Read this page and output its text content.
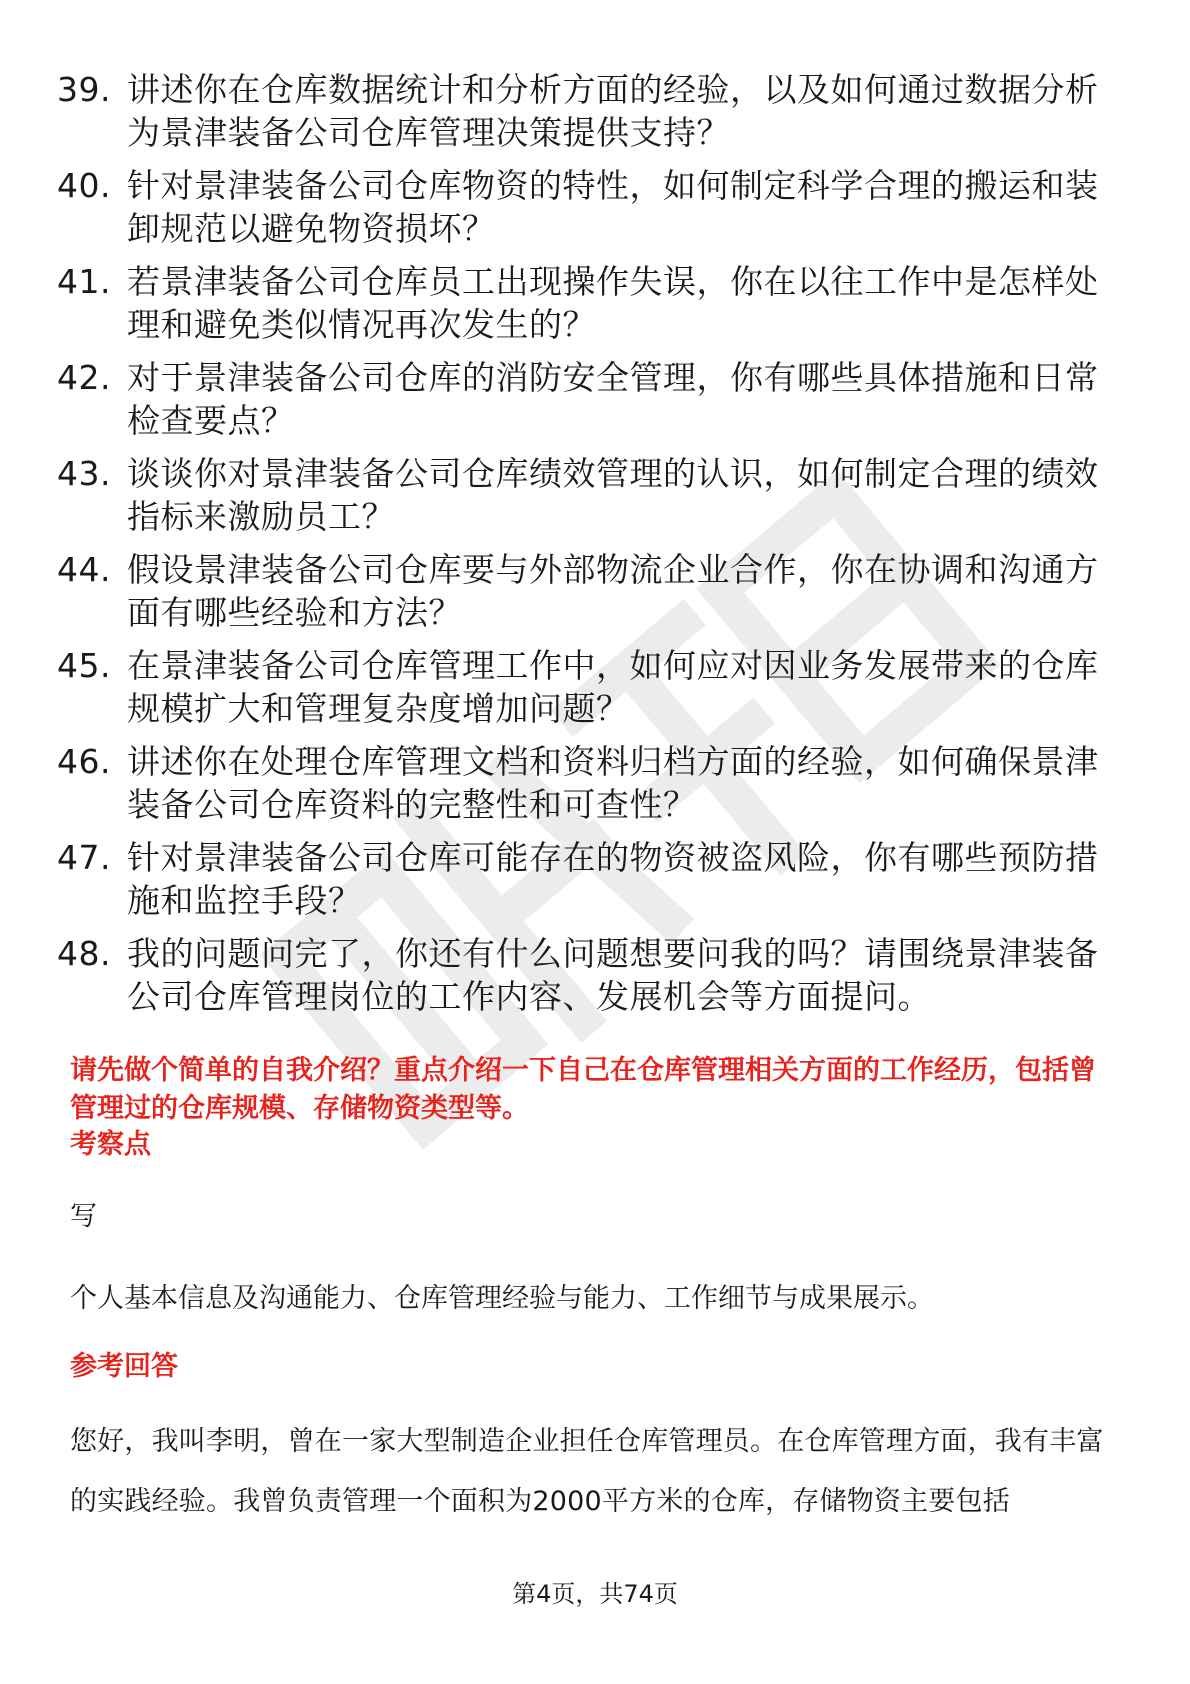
39. 讲述你在仓库数据统计和分析方面的经验，以及如何通过数据分析为景津装备公司仓库管理决策提供支持？
40. 针对景津装备公司仓库物资的特性，如何制定科学合理的搬运和装卸规范以避免物资损坏？
41. 若景津装备公司仓库员工出现操作失误，你在以往工作中是怎样处理和避免类似情况再次发生的？
42. 对于景津装备公司仓库的消防安全管理，你有哪些具体措施和日常检查要点？
43. 谈谈你对景津装备公司仓库绩效管理的认识，如何制定合理的绩效指标来激励员工？
44. 假设景津装备公司仓库要与外部物流企业合作，你在协调和沟通方面有哪些经验和方法？
45. 在景津装备公司仓库管理工作中，如何应对因业务发展带来的仓库规模扩大和管理复杂度增加问题？
46. 讲述你在处理仓库管理文档和资料归档方面的经验，如何确保景津装备公司仓库资料的完整性和可查性？
47. 针对景津装备公司仓库可能存在的物资被盗风险，你有哪些预防措施和监控手段？
48. 我的问题问完了，你还有什么问题想要问我的吗？请围绕景津装备公司仓库管理岗位的工作内容、发展机会等方面提问。
请先做个简单的自我介绍？重点介绍一下自己在仓库管理相关方面的工作经历，包括曾管理过的仓库规模、存储物资类型等。
考察点
写
个人基本信息及沟通能力、仓库管理经验与能力、工作细节与成果展示。
参考回答
您好，我叫李明，曾在一家大型制造企业担任仓库管理员。在仓库管理方面，我有丰富的实践经验。我曾负责管理一个面积为2000平方米的仓库，存储物资主要包括
第4页，共74页
